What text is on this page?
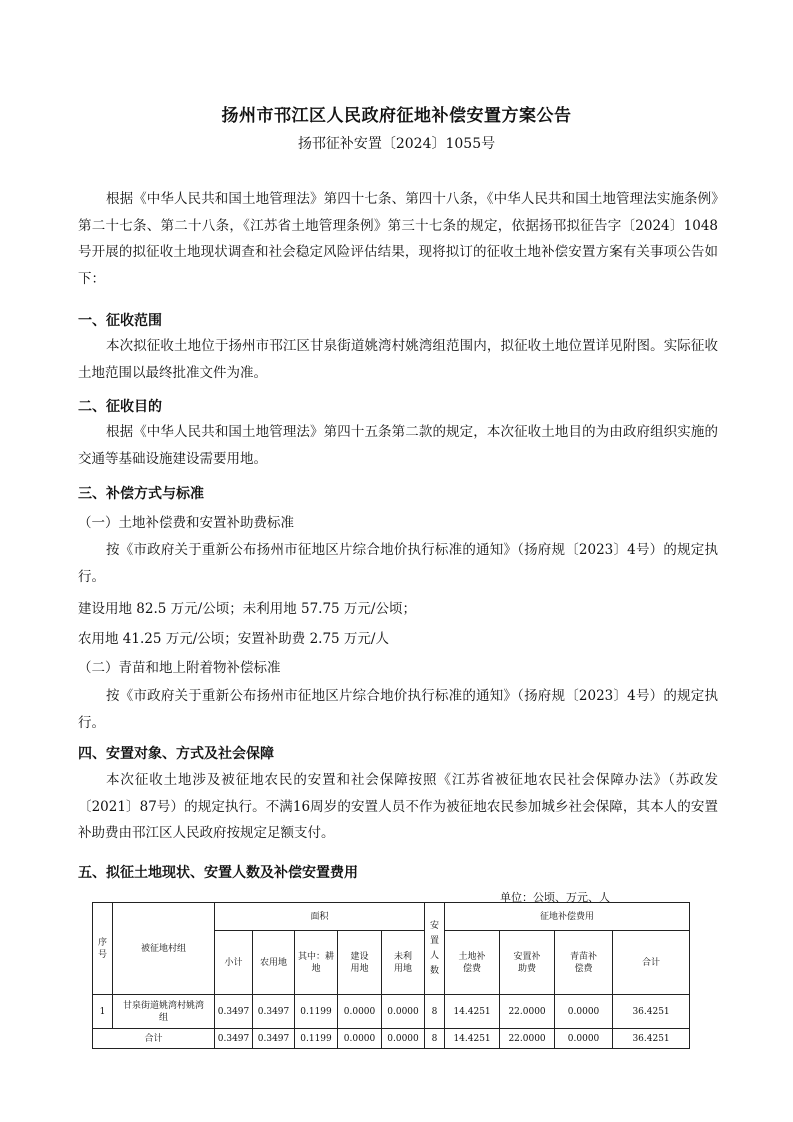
扬州市邗江区人民政府征地补偿安置方案公告
扬邗征补安置〔2024〕1055号

根据《中华人民共和国土地管理法》第四十七条、第四十八条，《中华人民共和国土地管理法实施条例》第二十七条、第二十八条，《江苏省土地管理条例》第三十七条的规定，依据扬邗拟征告字〔2024〕1048号开展的拟征收土地现状调查和社会稳定风险评估结果，现将拟订的征收土地补偿安置方案有关事项公告如下：

一、征收范围

本次拟征收土地位于扬州市邗江区甘泉街道姚湾村姚湾组范围内，拟征收土地位置详见附图。实际征收土地范围以最终批准文件为准。

二、征收目的

根据《中华人民共和国土地管理法》第四十五条第二款的规定，本次征收土地目的为由政府组织实施的交通等基础设施建设需要用地。

三、补偿方式与标准
（一）土地补偿费和安置补助费标准

按《市政府关于重新公布扬州市征地区片综合地价执行标准的通知》（扬府规〔2023〕4号）的规定执行。

建设用地 82.5 万元/公顷；未利用地 57.75 万元/公顷；
农用地 41.25 万元/公顷；安置补助费 2.75 万元/人
（二）青苗和地上附着物补偿标准

按《市政府关于重新公布扬州市征地区片综合地价执行标准的通知》（扬府规〔2023〕4号）的规定执行。

四、安置对象、方式及社会保障

本次征收土地涉及被征地农民的安置和社会保障按照《江苏省被征地农民社会保障办法》（苏政发〔2021〕87号）的规定执行。不满16周岁的安置人员不作为被征地农民参加城乡社会保障，其本人的安置补助费由邗江区人民政府按规定足额支付。

五、拟征土地现状、安置人数及补偿安置费用
单位：公顷、万元、人
序号	被征地村组	面积					安置人数	征地补偿费用			
		小计	农用地	其中：耕地	建设用地	未利用地		土地补偿费	安置补助费	青苗补偿费	合计
1	甘泉街道姚湾村姚湾组	0.3497	0.3497	0.1199	0.0000	0.0000	8	14.4251	22.0000	0.0000	36.4251
合计		0.3497	0.3497	0.1199	0.0000	0.0000	8	14.4251	22.0000	0.0000	36.4251
